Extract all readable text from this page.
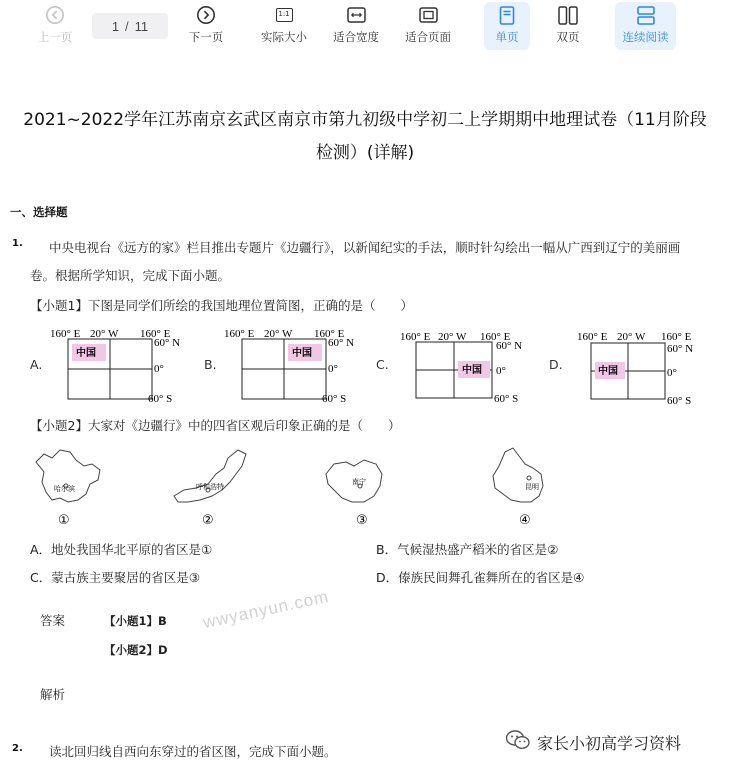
上一页
1 / 11
下一页
1:1
实际大小 适合宽度 适合页面	单页	双页	连续阅读
2021~2022学年江苏南京玄武区南京市第九初级中学初二上学期期中地理试卷（11月阶段
检测）(详解)
一、选择题
1. 中央电视台《远方的家》栏目推出专题片《边疆行》，以新闻纪实的手法，顺时针勾绘出一幅从广西到辽宁的美丽画
卷。根据所学知识，完成下面小题。
【小题1】下图是同学们所绘的我国地理位置简图，正确的是（　　）
A.
160° E 20° W 160° E
中国
60° N
0°
60° S
B.
160° E 20° W 160° E
中国
60° N
0°
60° S
C.
160° E 20° W 160° E
中国
60° N
0°
60° S
D.
160° E 20° W 160° E
中国
60° N
0°
60° S
【小题2】大家对《边疆行》中的四省区观后印象正确的是（　　）
哈尔滨
①
呼和浩特
②
南宁
③
昆明
④
A．地处我国华北平原的省区是①	B．气候湿热盛产稻米的省区是②
C．蒙古族主要聚居的省区是③	D．傣族民间舞孔雀舞所在的省区是④
答案	【小题1】B
【小题2】D
wwyanyun.com
解析
2. 读北回归线自西向东穿过的省区图，完成下面小题。	家长小初高学习资料
